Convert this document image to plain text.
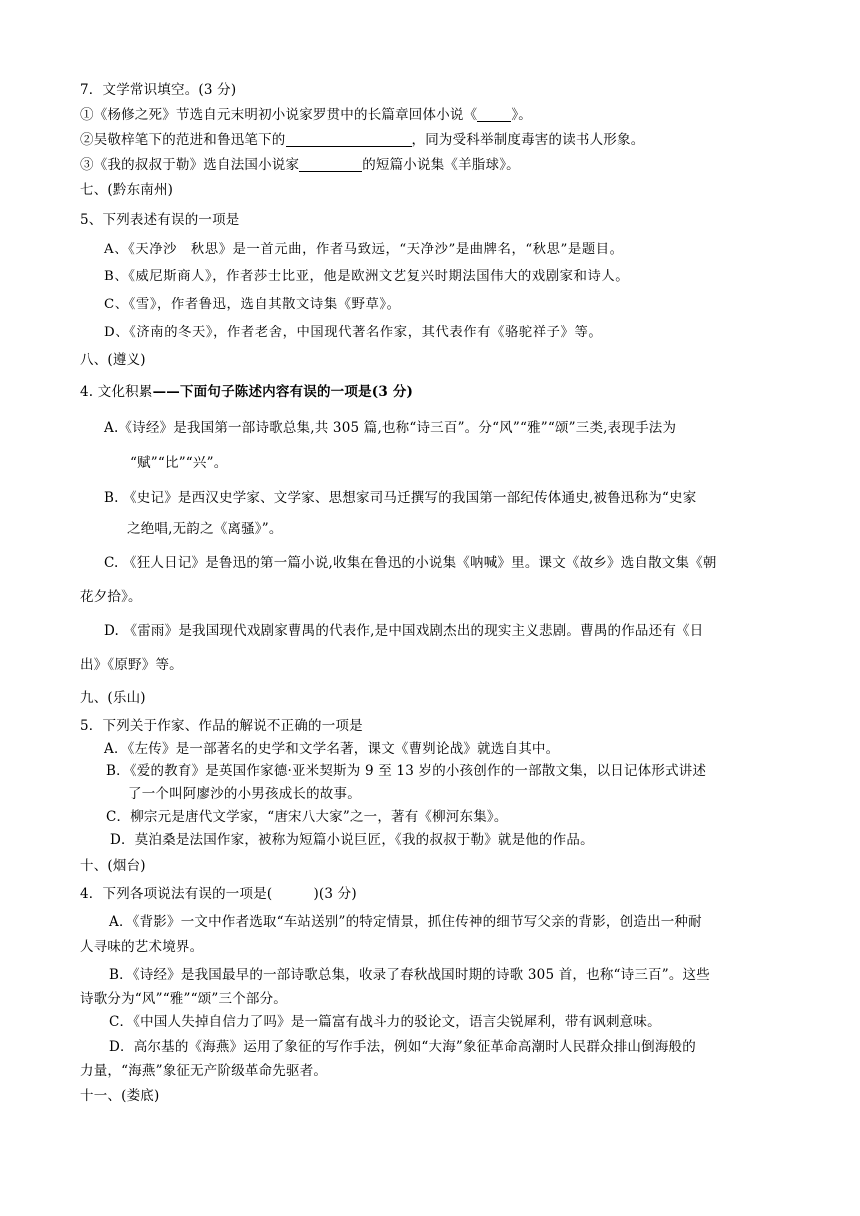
7．文学常识填空。(3 分)
①《杨修之死》节选自元末明初小说家罗贯中的长篇章回体小说《	》。
②吴敬梓笔下的范进和鲁迅笔下的	，同为受科举制度毒害的读书人形象。
③《我的叔叔于勒》选自法国小说家	的短篇小说集《羊脂球》。
七、(黔东南州)
5、下列表述有误的一项是
A、《天净沙　秋思》是一首元曲，作者马致远，“天净沙”是曲牌名，“秋思”是题目。
B、《威尼斯商人》，作者莎士比亚，他是欧洲文艺复兴时期法国伟大的戏剧家和诗人。
C、《雪》，作者鲁迅，选自其散文诗集《野草》。
D、《济南的冬天》，作者老舍，中国现代著名作家，其代表作有《骆驼祥子》等。
八、(遵义)
4. 文化积累——下面句子陈述内容有误的一项是(3 分)
A.《诗经》是我国第一部诗歌总集,共 305 篇,也称“诗三百”。分“风”“雅”“颂”三类,表现手法为
“赋”“比”“兴”。
B. 《史记》是西汉史学家、文学家、思想家司马迁撰写的我国第一部纪传体通史,被鲁迅称为“史家
之绝唱,无韵之《离骚》”。
C. 《狂人日记》是鲁迅的第一篇小说,收集在鲁迅的小说集《呐喊》里。课文《故乡》选自散文集《朝
花夕拾》。
D. 《雷雨》是我国现代戏剧家曹禺的代表作,是中国戏剧杰出的现实主义悲剧。曹禺的作品还有《日
出》《原野》等。
九、(乐山)
5．下列关于作家、作品的解说不正确的一项是
A．《左传》是一部著名的史学和文学名著，课文《曹刿论战》就选自其中。
B．《爱的教育》是英国作家德·亚米契斯为 9 至 13 岁的小孩创作的一部散文集，以日记体形式讲述
了一个叫阿廖沙的小男孩成长的故事。
C．柳宗元是唐代文学家，“唐宋八大家”之一，著有《柳河东集》。
D．莫泊桑是法国作家，被称为短篇小说巨匠，《我的叔叔于勒》就是他的作品。
十、(烟台)
4．下列各项说法有误的一项是(　　　)(3 分)
A．《背影》一文中作者选取“车站送别”的特定情景，抓住传神的细节写父亲的背影，创造出一种耐
人寻味的艺术境界。
B．《诗经》是我国最早的一部诗歌总集，收录了春秋战国时期的诗歌 305 首，也称“诗三百”。这些
诗歌分为“风”“雅”“颂”三个部分。
C．《中国人失掉自信力了吗》是一篇富有战斗力的驳论文，语言尖锐犀利，带有讽刺意味。
D．高尔基的《海燕》运用了象征的写作手法，例如“大海”象征革命高潮时人民群众排山倒海般的
力量，“海燕”象征无产阶级革命先驱者。
十一、(娄底)
